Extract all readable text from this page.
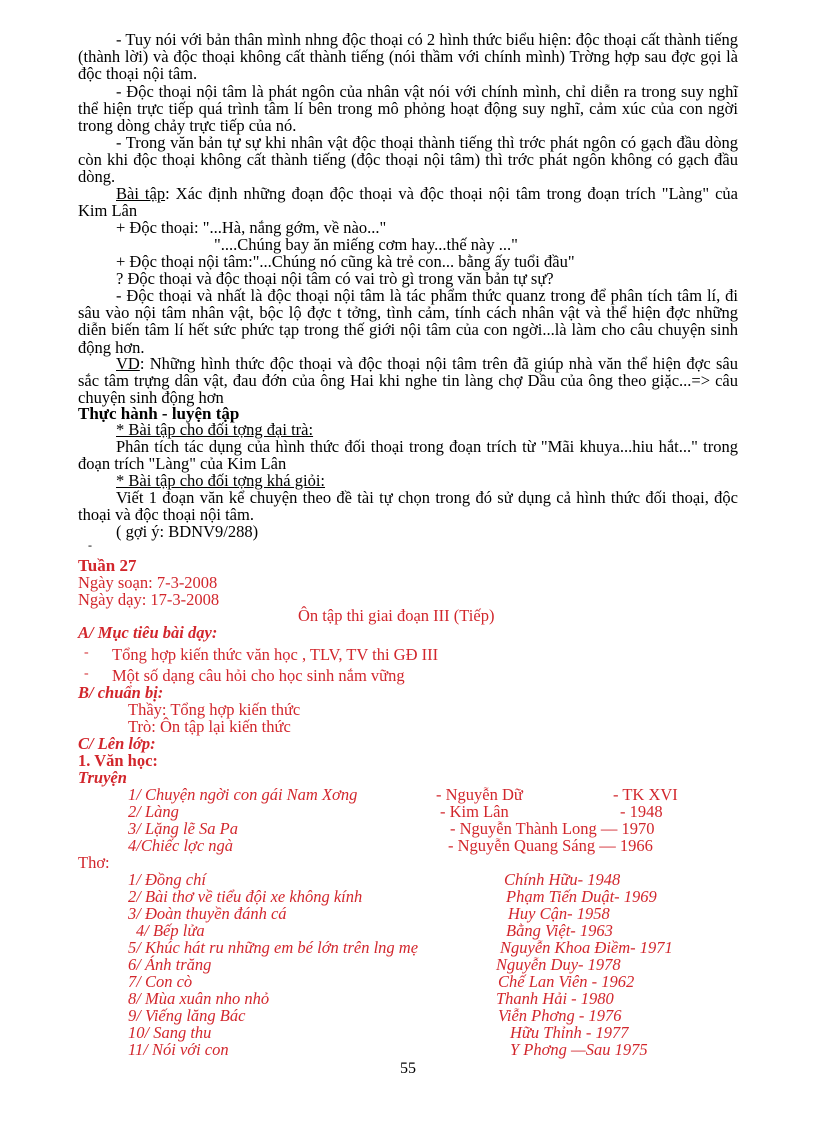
- Tuy nói với bản thân mình nhng độc thoại có 2 hình thức biểu hiện: độc thoại cất thành tiếng (thành lời) và độc thoại không cất thành tiếng (nói thầm với chính mình) Trờng hợp sau đợc gọi là độc thoại nội tâm.
- Độc thoại nội tâm là phát ngôn của nhân vật nói với chính mình, chỉ diễn ra trong suy nghĩ thể hiện trực tiếp quá trình tâm lí bên trong mô phỏng hoạt động suy nghĩ, cảm xúc của con ngời trong dòng chảy trực tiếp của nó.
- Trong văn bản tự sự khi nhân vật độc thoại thành tiếng thì trớc phát ngôn có gạch đầu dòng còn khi độc thoại không cất thành tiếng (độc thoại nội tâm) thì trớc phát ngôn không có gạch đầu dòng.
Bài tập: Xác định những đoạn độc thoại và độc thoại nội tâm trong đoạn trích "Làng" của Kim Lân
+ Độc thoại: "...Hà, nắng gớm, về nào..."
"....Chúng bay ăn miếng cơm hay...thế này ..."
+ Độc thoại nội tâm:"...Chúng nó cũng kà trẻ con... bằng ấy tuổi đầu"
? Độc thoại và độc thoại nội tâm có vai trò gì trong văn bản tự sự?
- Độc thoại và nhất là độc thoại nội tâm là tác phẩm thức quanz trong để phân tích tâm lí, đi sâu vào nội tâm nhân vật, bộc lộ đợc t tởng, tình cảm, tính cách nhân vật và thể hiện đợc những diễn biến tâm lí hết sức phức tạp trong thế giới nội tâm của con ngời...là làm cho câu chuyện sinh động hơn.
VD: Những hình thức độc thoại và độc thoại nội tâm trên đã giúp nhà văn thể hiện đợc sâu sắc tâm trựng dân vật, đau đớn của ông Hai khi nghe tin làng chợ Dầu của ông theo giặc...=> câu chuyện sinh động hơn
Thực hành - luyện tập
* Bài tập cho đối tợng đại trà:
Phân tích tác dụng của hình thức đối thoại trong đoạn trích từ "Mãi khuya...hiu hắt..." trong đoạn trích "Làng" của Kim Lân
* Bài tập cho đối tợng khá giỏi:
Viết 1 đoạn văn kể chuyện theo đề tài tự chọn trong đó sử dụng cả hình thức đối thoại, độc thoại và độc thoại nội tâm.
( gợi ý: BDNV9/288)
-
Tuần 27
Ngày soạn: 7-3-2008
Ngày dạy: 17-3-2008
Ôn tập thi giai đoạn III (Tiếp)
A/ Mục tiêu bài dạy:
- Tổng hợp kiến thức văn học , TLV, TV thi GĐ III
- Một số dạng câu hỏi cho học sinh nắm vững
B/ chuẩn bị:
Thầy: Tổng hợp kiến thức
Trò: Ôn tập lại kiến thức
C/ Lên lớp:
1. Văn học:
Truyện
1/ Chuyện ngời con gái Nam Xơng	- Nguyễn Dữ	- TK XVI
2/ Làng	- Kim Lân	- 1948
3/ Lặng lẽ Sa Pa	- Nguyễn Thành Long — 1970
4/Chiếc lợc ngà	- Nguyễn Quang Sáng — 1966
Thơ:
1/ Đồng chí	Chính Hữu- 1948
2/ Bài thơ về tiểu đội xe không kính	Phạm Tiến Duật- 1969
3/ Đoàn thuyền đánh cá	Huy Cận- 1958
4/ Bếp lửa	Bằng Việt- 1963
5/ Khúc hát ru những em bé lớn trên lng mẹ	Nguyễn Khoa Điềm- 1971
6/ Ánh trăng	Nguyễn Duy- 1978
7/ Con cò	Chế Lan Viên - 1962
8/ Mùa xuân nho nhỏ	Thanh Hải - 1980
9/ Viếng lăng Bác	Viễn Phơng - 1976
10/ Sang thu	Hữu Thỉnh - 1977
11/ Nói với con	Y Phơng —Sau 1975
55
